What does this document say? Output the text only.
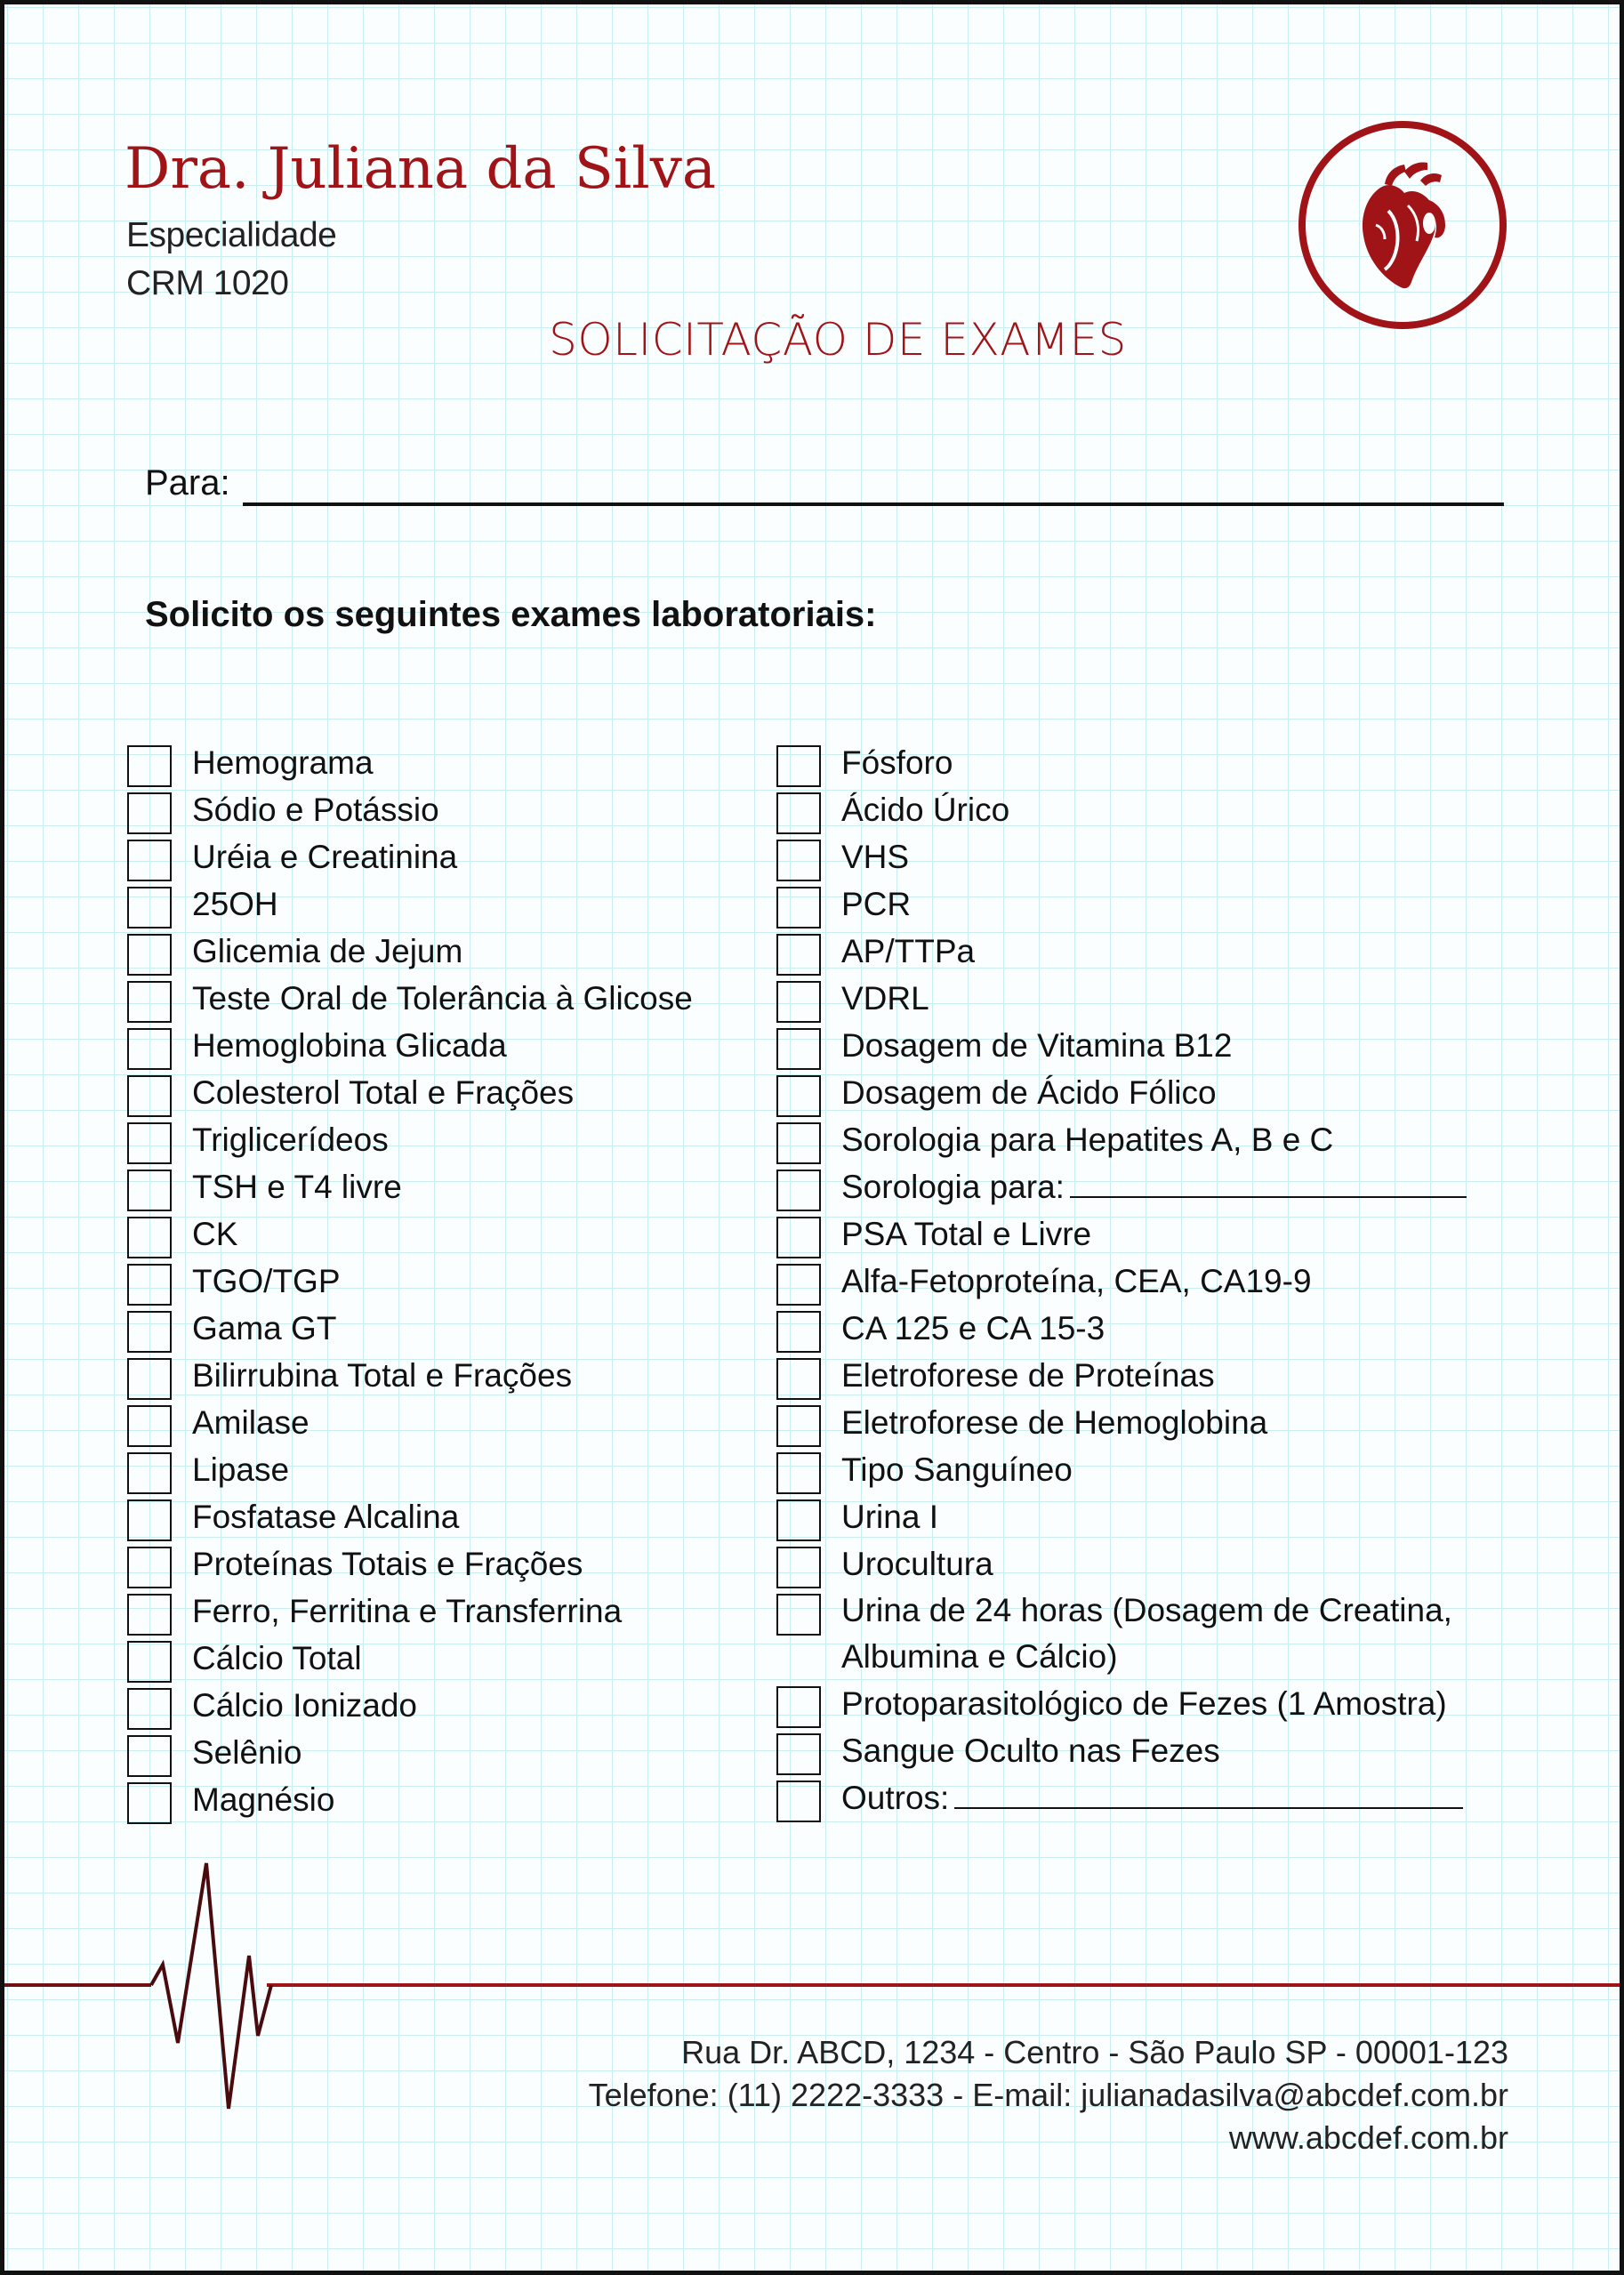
Dra. Juliana da Silva
Especialidade
CRM 1020
SOLICITAÇÃO DE EXAMES
Para:
Solicito os seguintes exames laboratoriais:
Hemograma
Sódio e Potássio
Uréia e Creatinina
25OH
Glicemia de Jejum
Teste Oral de Tolerância à Glicose
Hemoglobina Glicada
Colesterol Total e Frações
Triglicerídeos
TSH e T4 livre
CK
TGO/TGP
Gama GT
Bilirrubina Total e Frações
Amilase
Lipase
Fosfatase Alcalina
Proteínas Totais e Frações
Ferro, Ferritina e Transferrina
Cálcio Total
Cálcio Ionizado
Selênio
Magnésio
Fósforo
Ácido Úrico
VHS
PCR
AP/TTPa
VDRL
Dosagem de Vitamina B12
Dosagem de Ácido Fólico
Sorologia para Hepatites A, B e C
Sorologia para:
PSA Total e Livre
Alfa-Fetoproteína, CEA, CA19-9
CA 125 e CA 15-3
Eletroforese de Proteínas
Eletroforese de Hemoglobina
Tipo Sanguíneo
Urina I
Urocultura
Urina de 24 horas (Dosagem de Creatina, Albumina e Cálcio)
Protoparasitológico de Fezes (1 Amostra)
Sangue Oculto nas Fezes
Outros:
Rua Dr. ABCD, 1234 - Centro - São Paulo SP - 00001-123
Telefone: (11) 2222-3333 - E-mail: julianadasilva@abcdef.com.br
www.abcdef.com.br
